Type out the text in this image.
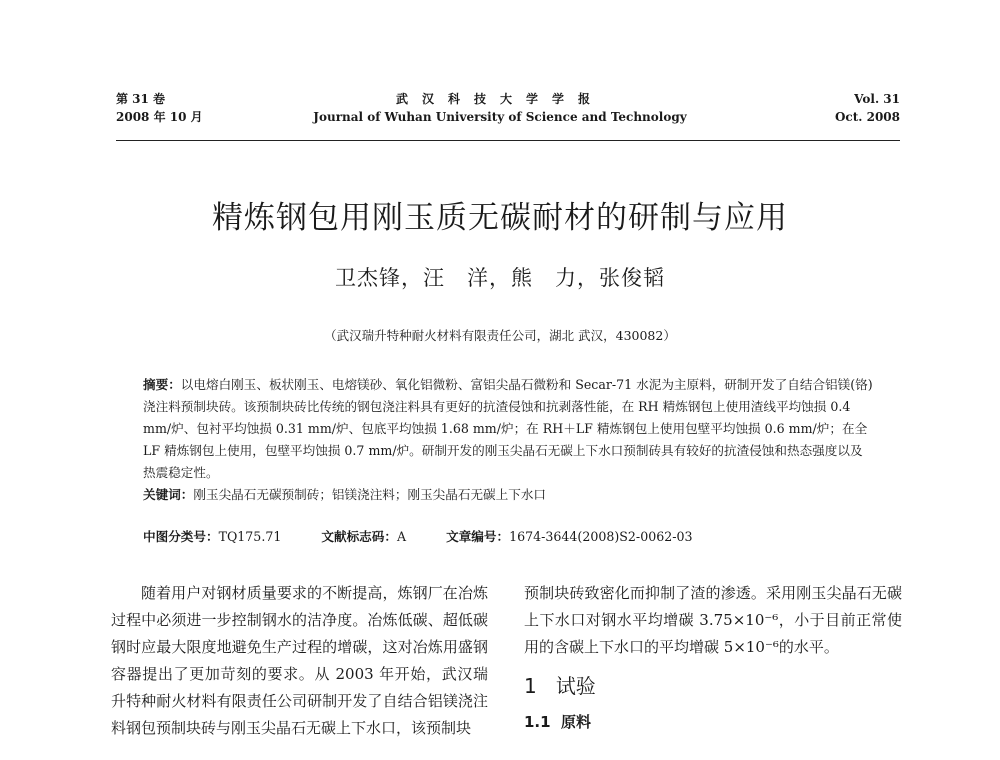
第 31 卷
2008 年 10 月
武汉科技大学学报
Journal of Wuhan University of Science and Technology
Vol. 31
Oct. 2008
精炼钢包用刚玉质无碳耐材的研制与应用
卫杰锋，汪　洋，熊　力，张俊韬
（武汉瑞升特种耐火材料有限责任公司，湖北 武汉，430082）
摘要：以电熔白刚玉、板状刚玉、电熔镁砂、氧化铝微粉、富铝尖晶石微粉和 Secar-71 水泥为主原料，研制开发了自结合铝镁(铬)浇注料预制块砖。该预制块砖比传统的钢包浇注料具有更好的抗渣侵蚀和抗剥落性能，在 RH 精炼钢包上使用渣线平均蚀损 0.4 mm/炉、包衬平均蚀损 0.31 mm/炉、包底平均蚀损 1.68 mm/炉；在 RH＋LF 精炼钢包上使用包壁平均蚀损 0.6 mm/炉；在全 LF 精炼钢包上使用，包壁平均蚀损 0.7 mm/炉。研制开发的刚玉尖晶石无碳上下水口预制砖具有较好的抗渣侵蚀和热态强度以及热震稳定性。
关键词：刚玉尖晶石无碳预制砖；铝镁浇注料；刚玉尖晶石无碳上下水口
中图分类号：TQ175.71	文献标志码：A	文章编号：1674-3644(2008)S2-0062-03

随着用户对钢材质量要求的不断提高，炼钢厂在冶炼过程中必须进一步控制钢水的洁净度。冶炼低碳、超低碳钢时应最大限度地避免生产过程的增碳，这对冶炼用盛钢容器提出了更加苛刻的要求。从 2003 年开始，武汉瑞升特种耐火材料有限责任公司研制开发了自结合铝镁浇注料钢包预制块砖与刚玉尖晶石无碳上下水口，该预制块

预制块砖致密化而抑制了渣的渗透。采用刚玉尖晶石无碳上下水口对钢水平均增碳 3.75×10⁻⁶，小于目前正常使用的含碳上下水口的平均增碳 5×10⁻⁶的水平。

1 试验
1.1 原料
